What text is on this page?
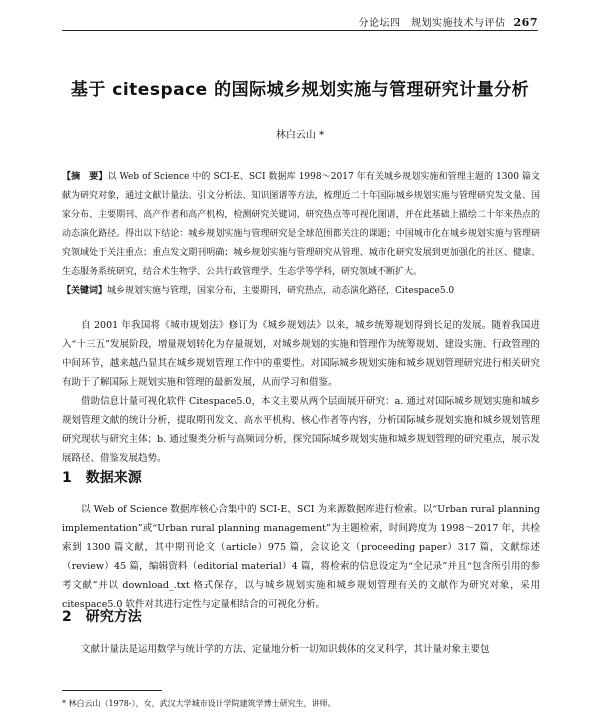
分论坛四　规划实施技术与评估 267
基于 citespace 的国际城乡规划实施与管理研究计量分析
林白云山 *
【摘　要】以 Web of Science 中的 SCI-E、SCI 数据库 1998～2017 年有关城乡规划实施和管理主题的 1300 篇文献为研究对象，通过文献计量法、引文分析法、知识图谱等方法，梳理近二十年国际城乡规划实施与管理研究发文量、国家分布、主要期刊、高产作者和高产机构，检测研究关键词、研究热点等可视化图谱，并在此基础上描绘二十年来热点的动态演化路径。得出以下结论：城乡规划实施与管理研究是全球范围都关注的课题；中国城市化在城乡规划实施与管理研究领域处于关注重点；重点发文期刊明确；城乡规划实施与管理研究从管理、城市化研究发展到更加强化的社区、健康、生态服务系统研究，结合术生物学、公共行政管理学、生态学等学科，研究领域不断扩大。
【关键词】城乡规划实施与管理，国家分布，主要期刊，研究热点，动态演化路径，Citespace5.0
自 2001 年我国将《城市规划法》修订为《城乡规划法》以来，城乡统筹规划得到长足的发展。随着我国进入“十三五”发展阶段，增量规划转化为存量规划，对城乡规划的实施和管理作为统筹规划、建设实施、行政管理的中间环节，越来越凸显其在城乡规划管理工作中的重要性。对国际城乡规划实施和城乡规划管理研究进行相关研究有助于了解国际上规划实施和管理的最新发展，从而学习和借鉴。
借助信息计量可视化软件 Citespace5.0，本文主要从两个层面展开研究：a. 通过对国际城乡规划实施和城乡规划管理文献的统计分析，提取期刊发文、高水平机构、核心作者等内容，分析国际城乡规划实施和城乡规划管理研究现状与研究主体；b. 通过聚类分析与高频词分析，探究国际城乡规划实施和城乡规划管理的研究重点，展示发展路径、借鉴发展趋势。
1 数据来源
以 Web of Science 数据库核心合集中的 SCI-E、SCI 为来源数据库进行检索。以“Urban rural planning implementation”或“Urban rural planning management”为主题检索，时间跨度为 1998～2017 年，共检索到 1300 篇文献，其中期刊论文（article）975 篇，会议论文（proceeding paper）317 篇，文献综述（review）45 篇，编辑资料（editorial material）4 篇，将检索的信息设定为“全记录”并且“包含所引用的参考文献”并以 download_.txt 格式保存，以与城乡规划实施和城乡规划管理有关的文献作为研究对象，采用 citespace5.0 软件对其进行定性与定量相结合的可视化分析。
2 研究方法
文献计量法是运用数学与统计学的方法、定量地分析一切知识载体的交叉科学，其计量对象主要包
* 林白云山（1978-），女，武汉大学城市设计学院建筑学博士研究生，讲师。
